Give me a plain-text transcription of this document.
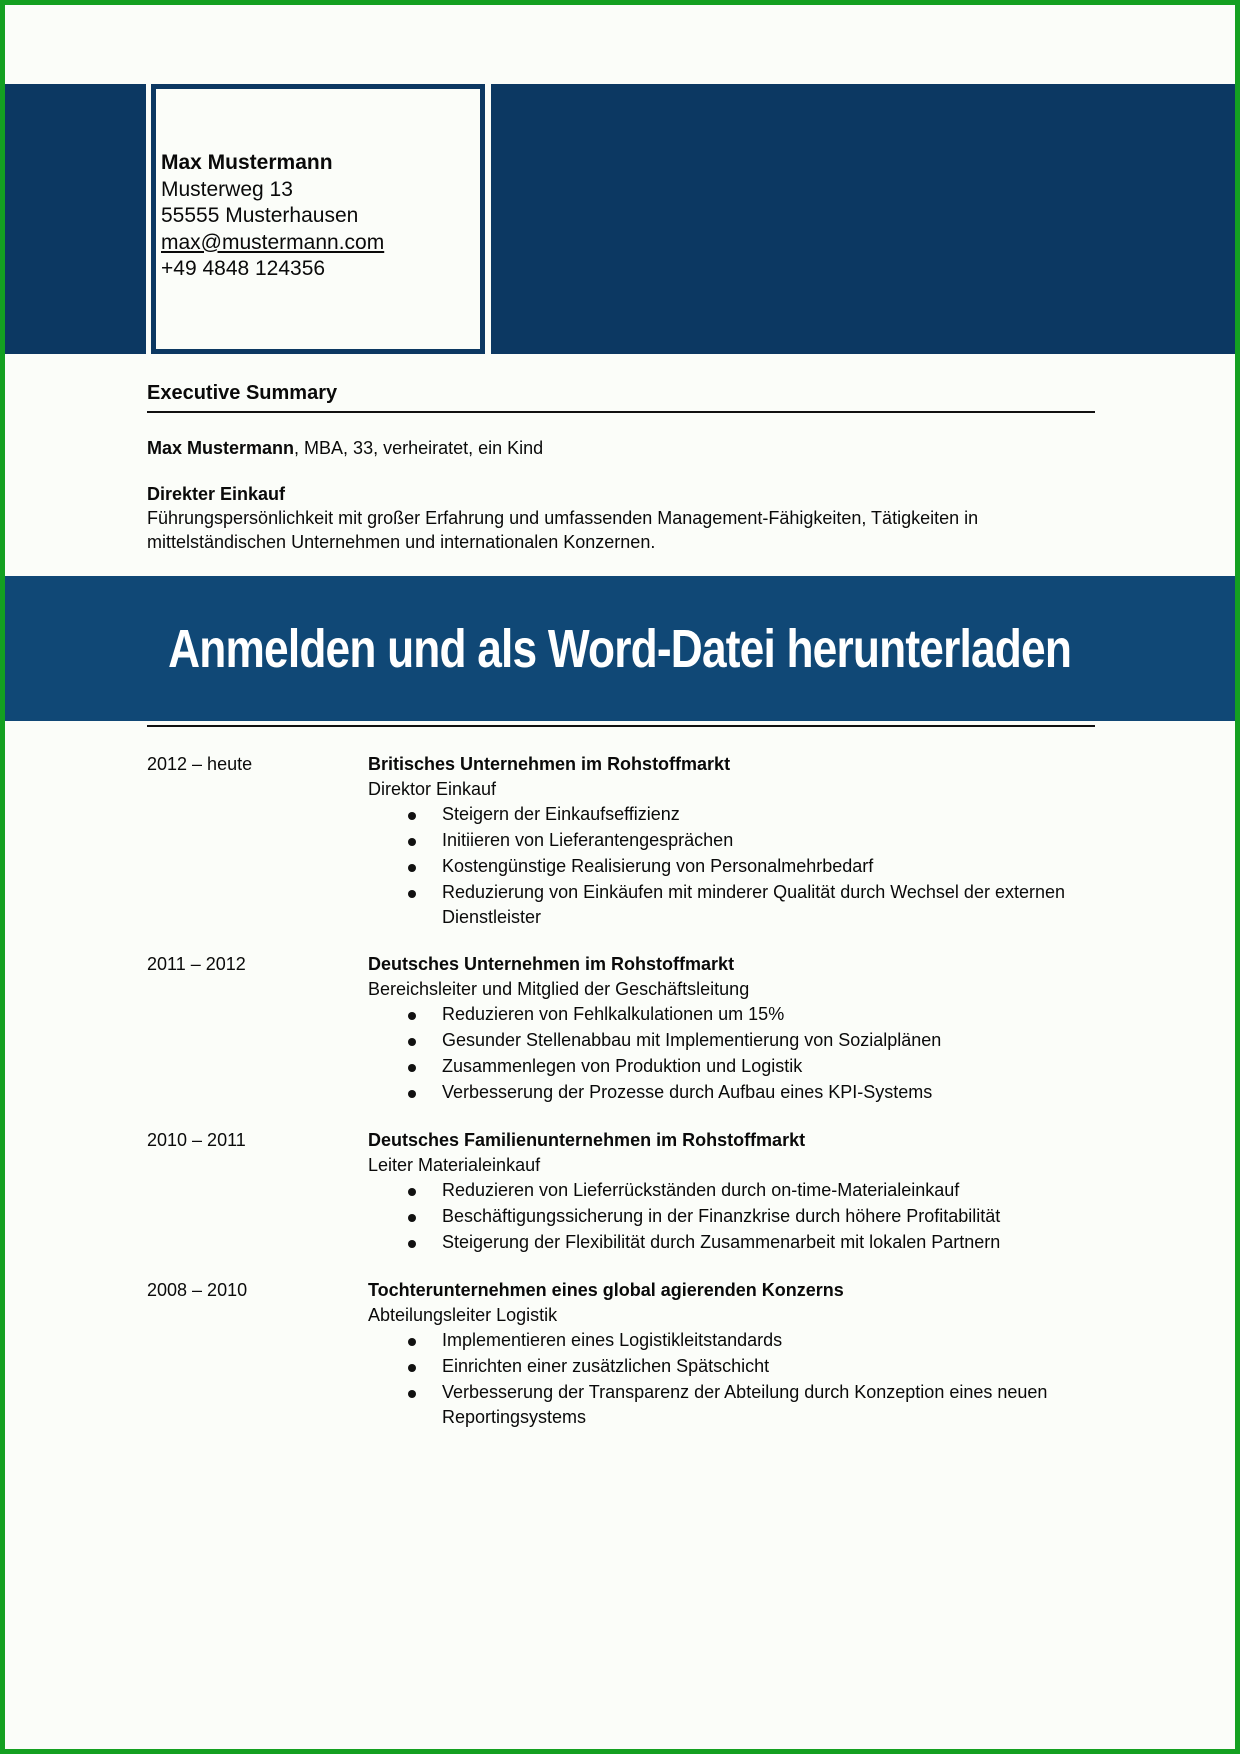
Max Mustermann
Musterweg 13
55555 Musterhausen
max@mustermann.com
+49 4848 124356
Executive Summary

Max Mustermann, MBA, 33, verheiratet, ein Kind

Direkter Einkauf

Führungspersönlichkeit mit großer Erfahrung und umfassenden Management-Fähigkeiten, Tätigkeiten in mittelständischen Unternehmen und internationalen Konzernen.

Anmelden und als Word-Datei herunterladen
2012 – heute	Britisches Unternehmen im Rohstoffmarkt
Direktor Einkauf
Steigern der Einkaufseffizienz
Initiieren von Lieferantengesprächen
Kostengünstige Realisierung von Personalmehrbedarf
Reduzierung von Einkäufen mit minderer Qualität durch Wechsel der externen Dienstleister
2011 – 2012	Deutsches Unternehmen im Rohstoffmarkt
Bereichsleiter und Mitglied der Geschäftsleitung
Reduzieren von Fehlkalkulationen um 15%
Gesunder Stellenabbau mit Implementierung von Sozialplänen
Zusammenlegen von Produktion und Logistik
Verbesserung der Prozesse durch Aufbau eines KPI-Systems
2010 – 2011	Deutsches Familienunternehmen im Rohstoffmarkt
Leiter Materialeinkauf
Reduzieren von Lieferrückständen durch on-time-Materialeinkauf
Beschäftigungssicherung in der Finanzkrise durch höhere Profitabilität
Steigerung der Flexibilität durch Zusammenarbeit mit lokalen Partnern
2008 – 2010	Tochterunternehmen eines global agierenden Konzerns
Abteilungsleiter Logistik
Implementieren eines Logistikleitstandards
Einrichten einer zusätzlichen Spätschicht
Verbesserung der Transparenz der Abteilung durch Konzeption eines neuen Reportingsystems
